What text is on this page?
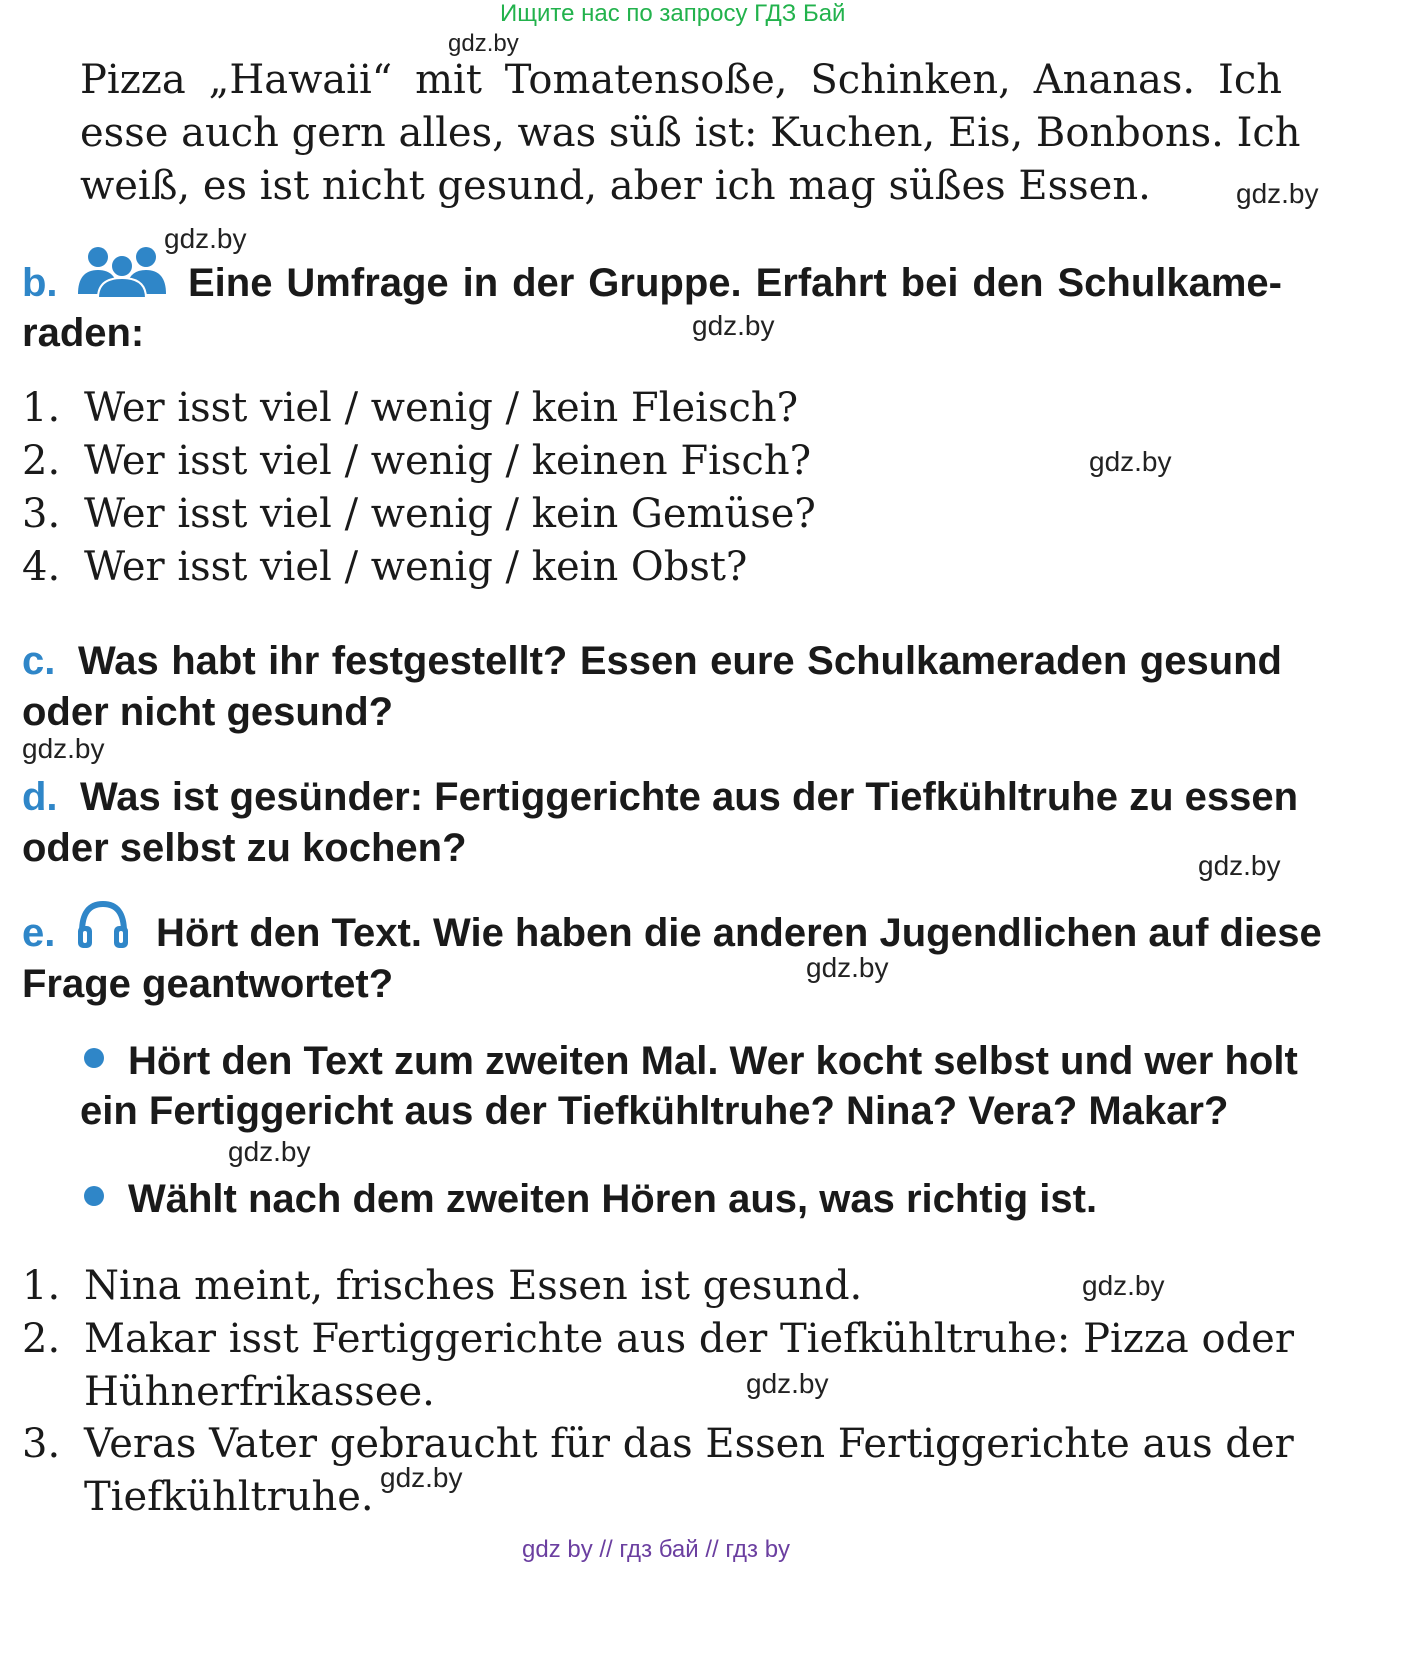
Ищите нас по запросу ГДЗ Бай
gdz.by
gdz.by
gdz.by
gdz.by
gdz.by
gdz.by
gdz.by
gdz.by
gdz.by
gdz.by
gdz.by
gdz.by
Pizza „Hawaii“ mit Tomatensoße, Schinken, Ananas. Ich
esse auch gern alles, was süß ist: Kuchen, Eis, Bonbons. Ich
weiß, es ist nicht gesund, aber ich mag süßes Essen.
b.	Eine Umfrage in der Gruppe. Erfahrt bei den Schulkame-
raden:
1. Wer isst viel / wenig / kein Fleisch?
2. Wer isst viel / wenig / keinen Fisch?
3. Wer isst viel / wenig / kein Gemüse?
4. Wer isst viel / wenig / kein Obst?
c. Was habt ihr festgestellt? Essen eure Schulkameraden gesund
oder nicht gesund?
d. Was ist gesünder: Fertiggerichte aus der Tiefkühltruhe zu essen
oder selbst zu kochen?
e.	Hört den Text. Wie haben die anderen Jugendlichen auf diese
Frage geantwortet?
Hört den Text zum zweiten Mal. Wer kocht selbst und wer holt
ein Fertiggericht aus der Tiefkühltruhe? Nina? Vera? Makar?
Wählt nach dem zweiten Hören aus, was richtig ist.
1. Nina meint, frisches Essen ist gesund.
2. Makar isst Fertiggerichte aus der Tiefkühltruhe: Pizza oder
Hühnerfrikassee.
3. Veras Vater gebraucht für das Essen Fertiggerichte aus der
Tiefkühltruhe.
gdz by // гдз бай // гдз by
